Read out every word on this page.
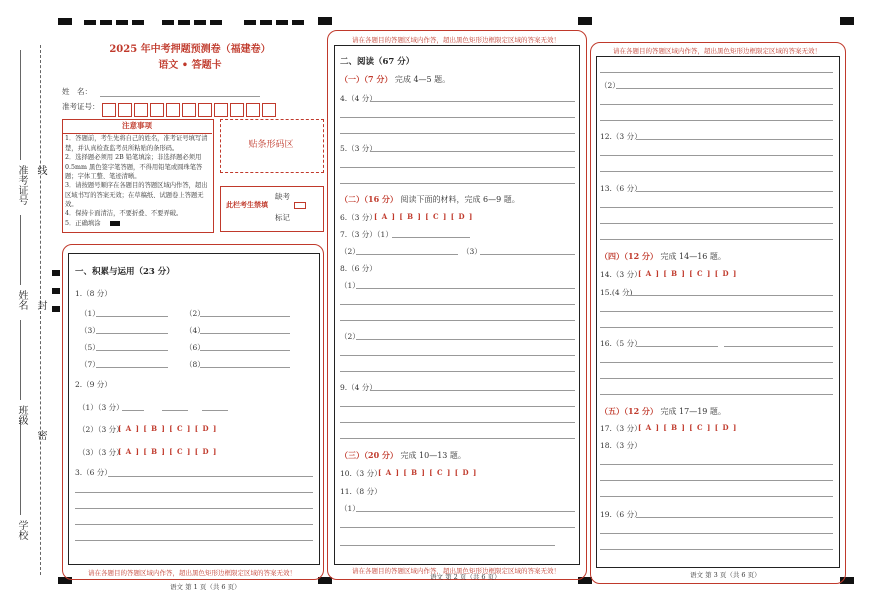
学校
班级
姓名
准考证号
密
封
线
2025 年中考押题预测卷（福建卷）
语文 • 答题卡
姓　名：
准考证号：
注意事项
1．答题前，考生先将自己的姓名，准考证号填写清楚，并认真检查监考员所粘贴的条形码。
2．选择题必须用 2B 铅笔填涂；非选择题必须用 0.5mm 黑色签字笔答题，不得用铅笔或圆珠笔答题；字体工整、笔迹清晰。
3．请按题号顺序在各题目的答题区域内作答，超出区域书写的答案无效；在草稿纸、试题卷上答题无效。
4．保持卡面清洁，不要折叠、不要弄破。
5．正确填涂
贴条形码区
此栏考生禁填
缺考
标记
一、积累与运用（23 分）
1.（8 分）
（1）	（2）
（3）	（4）
（5）	（6）
（7）	（8）
2.（9 分）
（1）（3 分）
（2）（3 分）
[ A ] [ B ] [ C ] [ D ]
（3）（3 分）
[ A ] [ B ] [ C ] [ D ]
3.（6 分）
请在各题目的答题区域内作答，超出黑色矩形边框限定区域的答案无效！
语文 第 1 页（共 6 页）
请在各题目的答题区域内作答，超出黑色矩形边框限定区域的答案无效！
二、阅读（67 分）
（一）（7 分） 完成 4—5 题。
4.（4 分）
5.（3 分）
（二）（16 分） 阅读下面的材料，完成 6—9 题。
6.（3 分）
[ A ] [ B ] [ C ] [ D ]
7.（3 分）（1）
（2）	（3）
8.（6 分）
（1）
（2）
9.（4 分）
（三）（20 分） 完成 10—13 题。
10.（3 分）
[ A ] [ B ] [ C ] [ D ]
11.（8 分）
（1）
请在各题目的答题区域内作答，超出黑色矩形边框限定区域的答案无效！
语文 第 2 页（共 6 页）
请在各题目的答题区域内作答，超出黑色矩形边框限定区域的答案无效！
（2）
12.（3 分）
13.（6 分）
（四）（12 分） 完成 14—16 题。
14.（3 分）
[ A ] [ B ] [ C ] [ D ]
15.(4 分)
16.（5 分）
（五）（12 分） 完成 17—19 题。
17.（3 分）
[ A ] [ B ] [ C ] [ D ]
18.（3 分）
19.（6 分）
语文 第 3 页（共 6 页）
